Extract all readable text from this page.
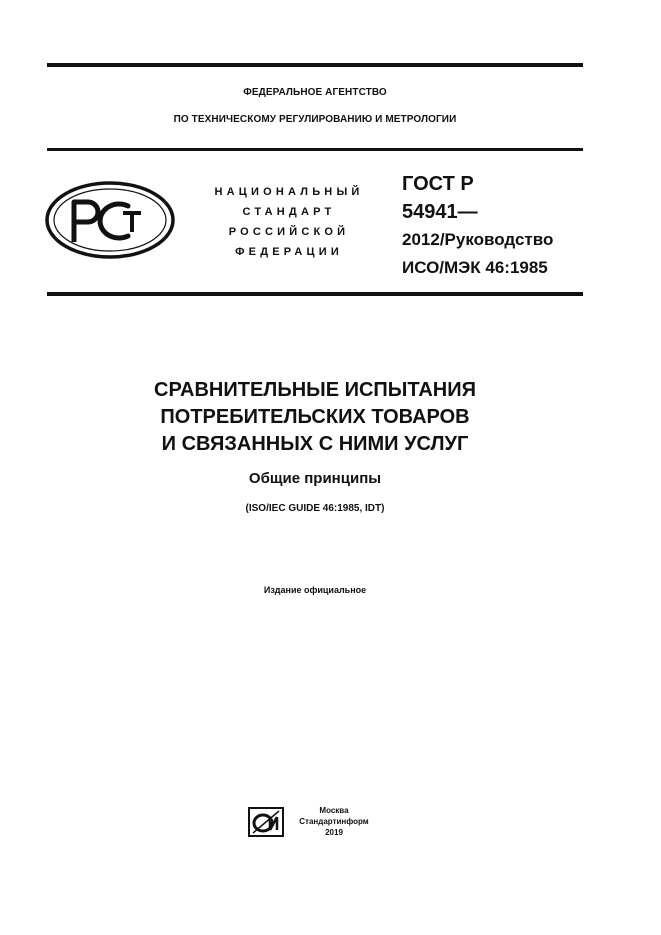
ФЕДЕРАЛЬНОЕ АГЕНТСТВО
ПО ТЕХНИЧЕСКОМУ РЕГУЛИРОВАНИЮ И МЕТРОЛОГИИ
НАЦИОНАЛЬНЫЙ
СТАНДАРТ
РОССИЙСКОЙ
ФЕДЕРАЦИИ
ГОСТ Р
54941—
2012/Руководство
ИСО/МЭК 46:1985
СРАВНИТЕЛЬНЫЕ ИСПЫТАНИЯ
ПОТРЕБИТЕЛЬСКИХ ТОВАРОВ
И СВЯЗАННЫХ С НИМИ УСЛУГ
Общие принципы
(ISO/IEC GUIDE 46:1985, IDT)
Издание официальное
Москва
Стандартинформ
2019
